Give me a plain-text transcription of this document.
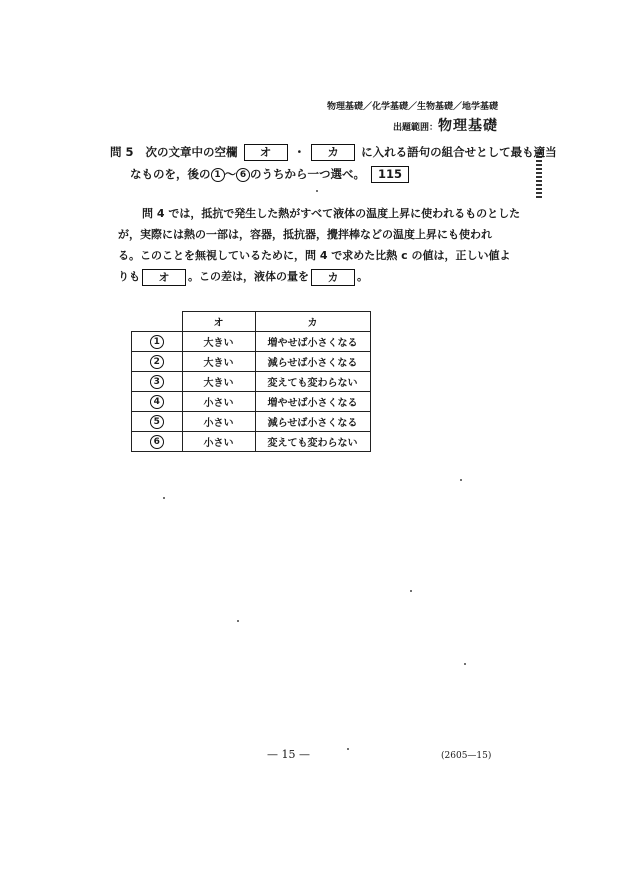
物理基礎／化学基礎／生物基礎／地学基礎
出題範囲：物理基礎
問 5 次の文章中の空欄 オ ・ カ に入れる語句の組合せとして最も適当
なものを，後の 1 ～ 6 のうちから一つ選べ。 115

問 4 では，抵抗で発生した熱がすべて液体の温度上昇に使われるものとした

が，実際には熱の一部は，容器，抵抗器，攪拌棒などの温度上昇にも使われ

る。このことを無視しているために，問 4 で求めた比熱 c の値は，正しい値よ

りも オ 。この差は，液体の量を カ 。

	オ	カ
1	大きい	増やせば小さくなる
2	大きい	減らせば小さくなる
3	大きい	変えても変わらない
4	小さい	増やせば小さくなる
5	小さい	減らせば小さくなる
6	小さい	変えても変わらない
— 15 —	(2605—15)
